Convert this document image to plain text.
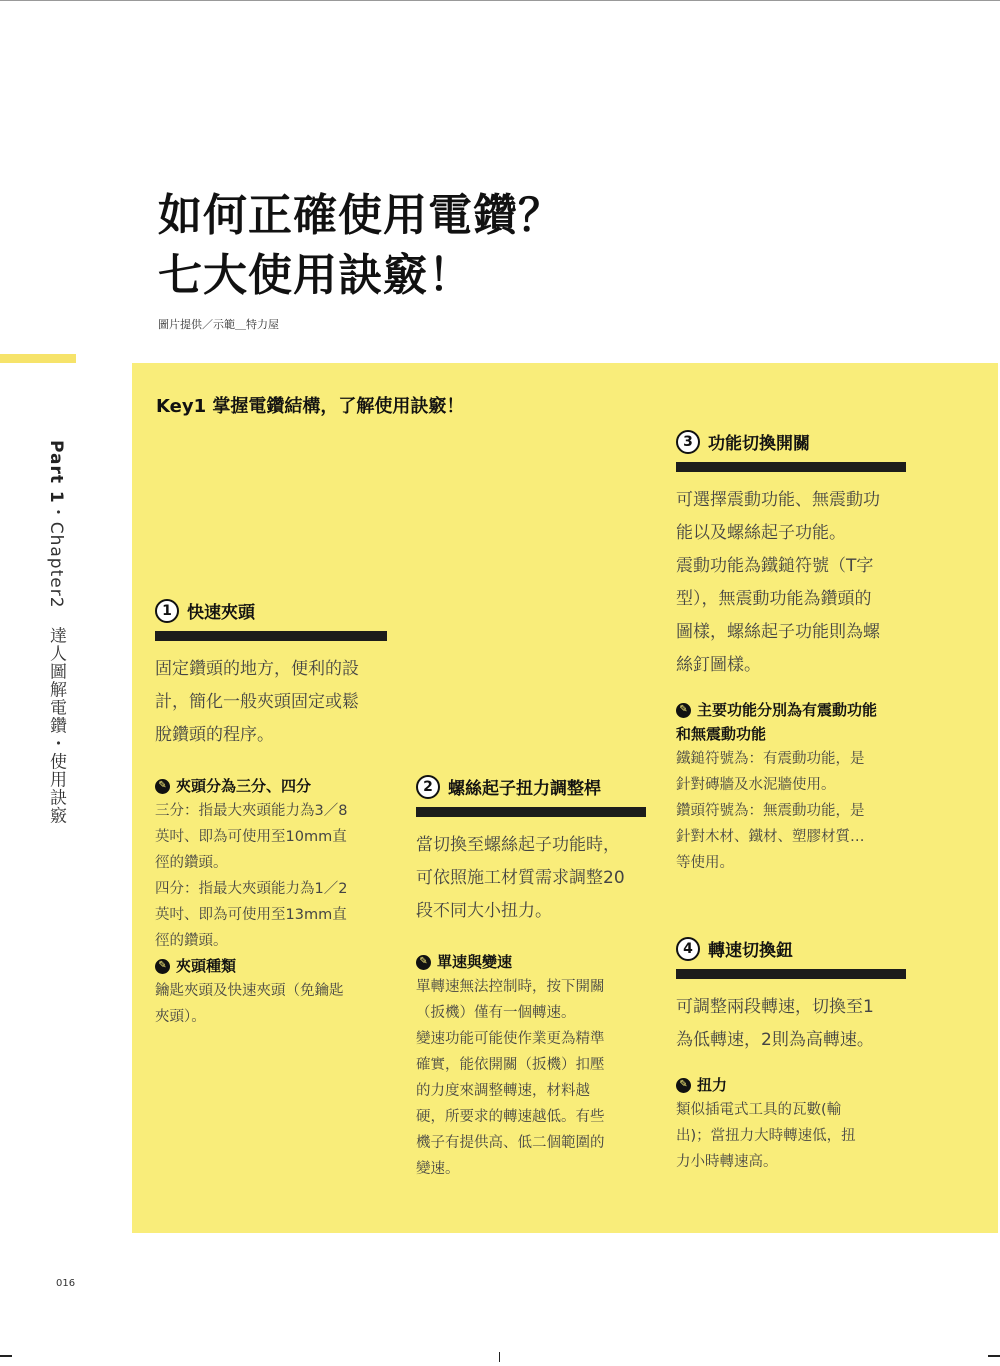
如何正確使用電鑽？
七大使用訣竅！
圖片提供／示範＿特力屋
Part 1・Chapter2　達人圖解電鑽・使用訣竅
Key1 掌握電鑽結構，了解使用訣竅！
1 快速夾頭
固定鑽頭的地方，便利的設
計，簡化一般夾頭固定或鬆
脫鑽頭的程序。
✎ 夾頭分為三分、四分
三分：指最大夾頭能力為3／8
英吋、即為可使用至10mm直
徑的鑽頭。
四分：指最大夾頭能力為1／2
英吋、即為可使用至13mm直
徑的鑽頭。
✎ 夾頭種類
鑰匙夾頭及快速夾頭（免鑰匙
夾頭）。
2 螺絲起子扭力調整桿
當切換至螺絲起子功能時，
可依照施工材質需求調整20
段不同大小扭力。
✎ 單速與變速
單轉速無法控制時，按下開關
（扳機）僅有一個轉速。
變速功能可能使作業更為精準
確實，能依開關（扳機）扣壓
的力度來調整轉速，材料越
硬，所要求的轉速越低。有些
機子有提供高、低二個範圍的
變速。
3 功能切換開關
可選擇震動功能、無震動功
能以及螺絲起子功能。
震動功能為鐵鎚符號（T字
型），無震動功能為鑽頭的
圖樣，螺絲起子功能則為螺
絲釘圖樣。
✎ 主要功能分別為有震動功能
和無震動功能
鐵鎚符號為：有震動功能，是
針對磚牆及水泥牆使用。
鑽頭符號為：無震動功能，是
針對木材、鐵材、塑膠材質…
等使用。
4 轉速切換鈕
可調整兩段轉速，切換至1
為低轉速，2則為高轉速。
✎ 扭力
類似插電式工具的瓦數(輸
出)；當扭力大時轉速低，扭
力小時轉速高。
016
